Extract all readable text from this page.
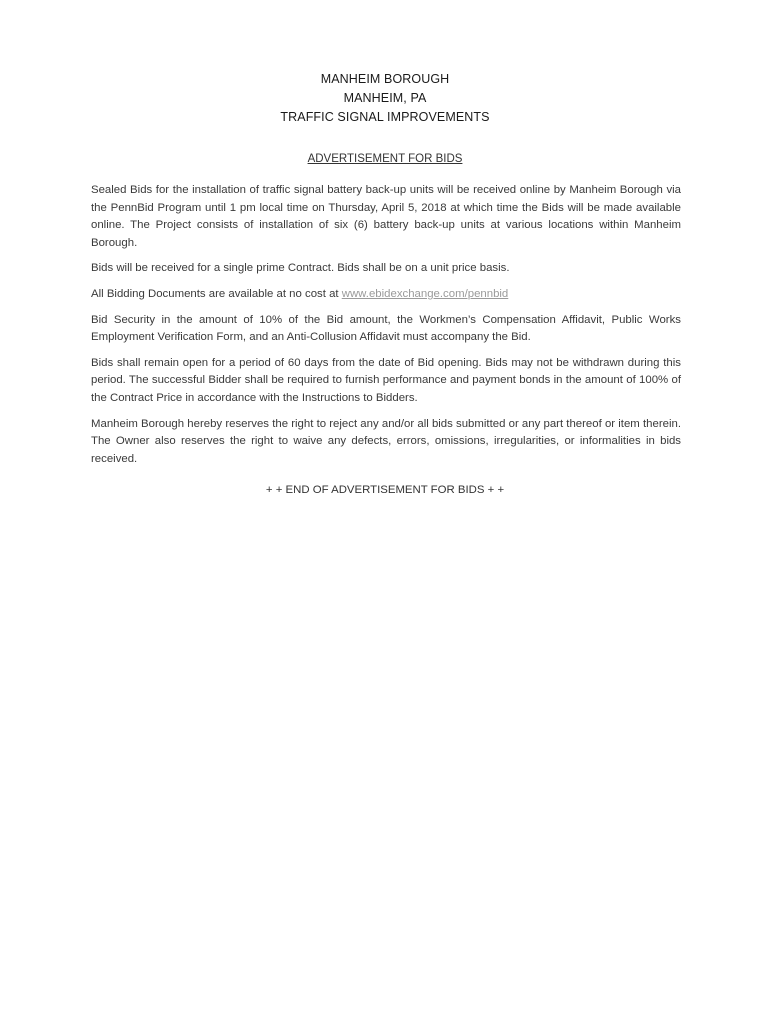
MANHEIM BOROUGH
MANHEIM, PA
TRAFFIC SIGNAL IMPROVEMENTS
ADVERTISEMENT FOR BIDS

Sealed Bids for the installation of traffic signal battery back-up units will be received online by Manheim Borough via the PennBid Program until 1 pm local time on Thursday, April 5, 2018 at which time the Bids will be made available online. The Project consists of installation of six (6) battery back-up units at various locations within Manheim Borough.

Bids will be received for a single prime Contract. Bids shall be on a unit price basis.

All Bidding Documents are available at no cost at www.ebidexchange.com/pennbid

Bid Security in the amount of 10% of the Bid amount, the Workmen’s Compensation Affidavit, Public Works Employment Verification Form, and an Anti-Collusion Affidavit must accompany the Bid.

Bids shall remain open for a period of 60 days from the date of Bid opening. Bids may not be withdrawn during this period. The successful Bidder shall be required to furnish performance and payment bonds in the amount of 100% of the Contract Price in accordance with the Instructions to Bidders.

Manheim Borough hereby reserves the right to reject any and/or all bids submitted or any part thereof or item therein. The Owner also reserves the right to waive any defects, errors, omissions, irregularities, or informalities in bids received.

+ + END OF ADVERTISEMENT FOR BIDS + +
